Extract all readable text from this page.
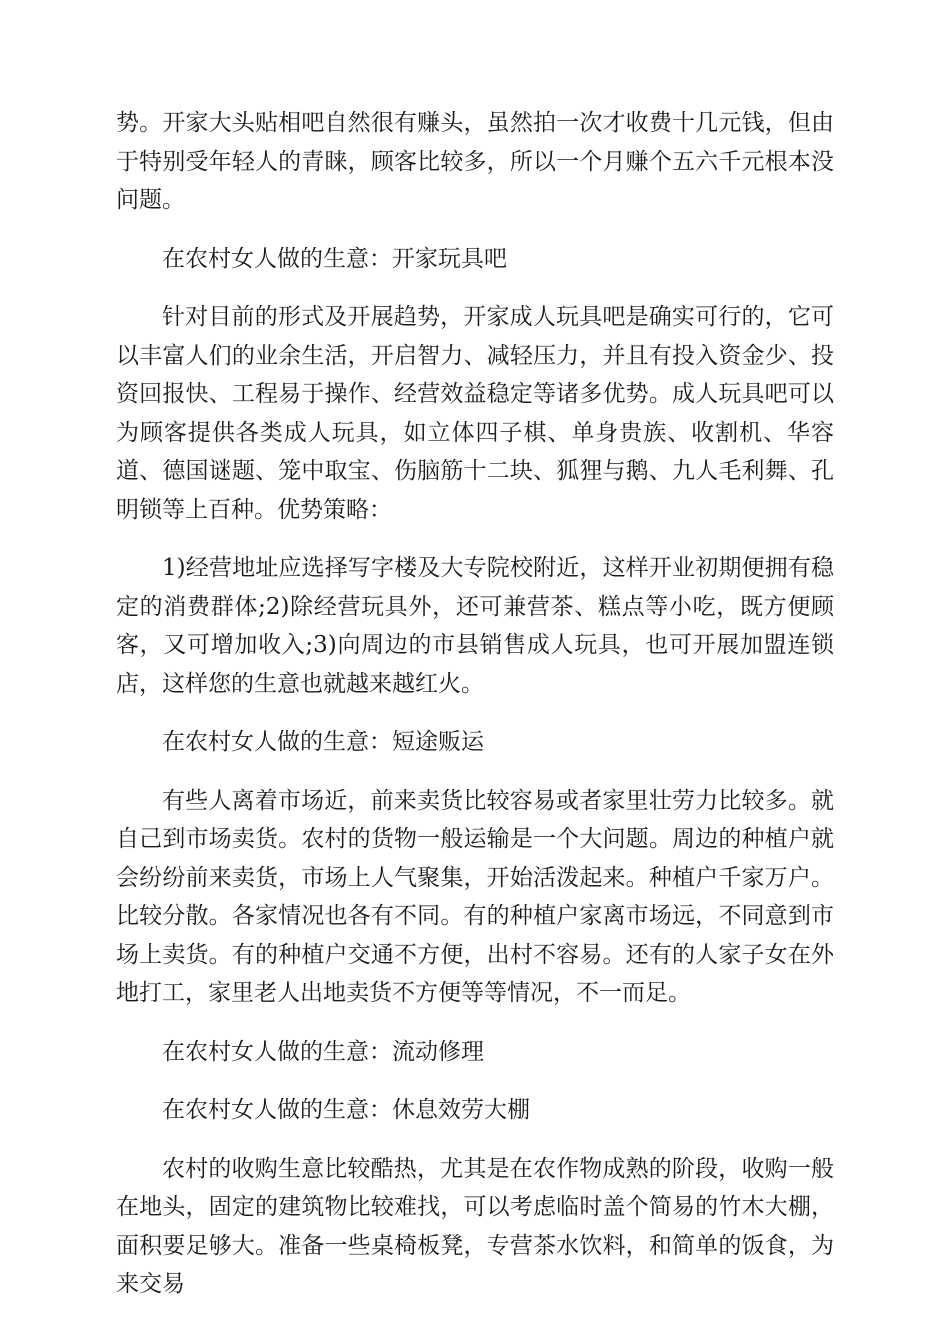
势。开家大头贴相吧自然很有赚头，虽然拍一次才收费十几元钱，但由于特别受年轻人的青睐，顾客比较多，所以一个月赚个五六千元根本没问题。

在农村女人做的生意：开家玩具吧

针对目前的形式及开展趋势，开家成人玩具吧是确实可行的，它可以丰富人们的业余生活，开启智力、减轻压力，并且有投入资金少、投资回报快、工程易于操作、经营效益稳定等诸多优势。成人玩具吧可以为顾客提供各类成人玩具，如立体四子棋、单身贵族、收割机、华容道、德国谜题、笼中取宝、伤脑筋十二块、狐狸与鹅、九人毛利舞、孔明锁等上百种。优势策略：

1)经营地址应选择写字楼及大专院校附近，这样开业初期便拥有稳定的消费群体;2)除经营玩具外，还可兼营茶、糕点等小吃，既方便顾客，又可增加收入;3)向周边的市县销售成人玩具，也可开展加盟连锁店，这样您的生意也就越来越红火。

在农村女人做的生意：短途贩运

有些人离着市场近，前来卖货比较容易或者家里壮劳力比较多。就自己到市场卖货。农村的货物一般运输是一个大问题。周边的种植户就会纷纷前来卖货，市场上人气聚集，开始活泼起来。种植户千家万户。比较分散。各家情况也各有不同。有的种植户家离市场远，不同意到市场上卖货。有的种植户交通不方便，出村不容易。还有的人家子女在外地打工，家里老人出地卖货不方便等等情况，不一而足。

在农村女人做的生意：流动修理

在农村女人做的生意：休息效劳大棚

农村的收购生意比较酷热，尤其是在农作物成熟的阶段，收购一般在地头，固定的建筑物比较难找，可以考虑临时盖个简易的竹木大棚，面积要足够大。准备一些桌椅板凳，专营茶水饮料，和简单的饭食，为来交易
